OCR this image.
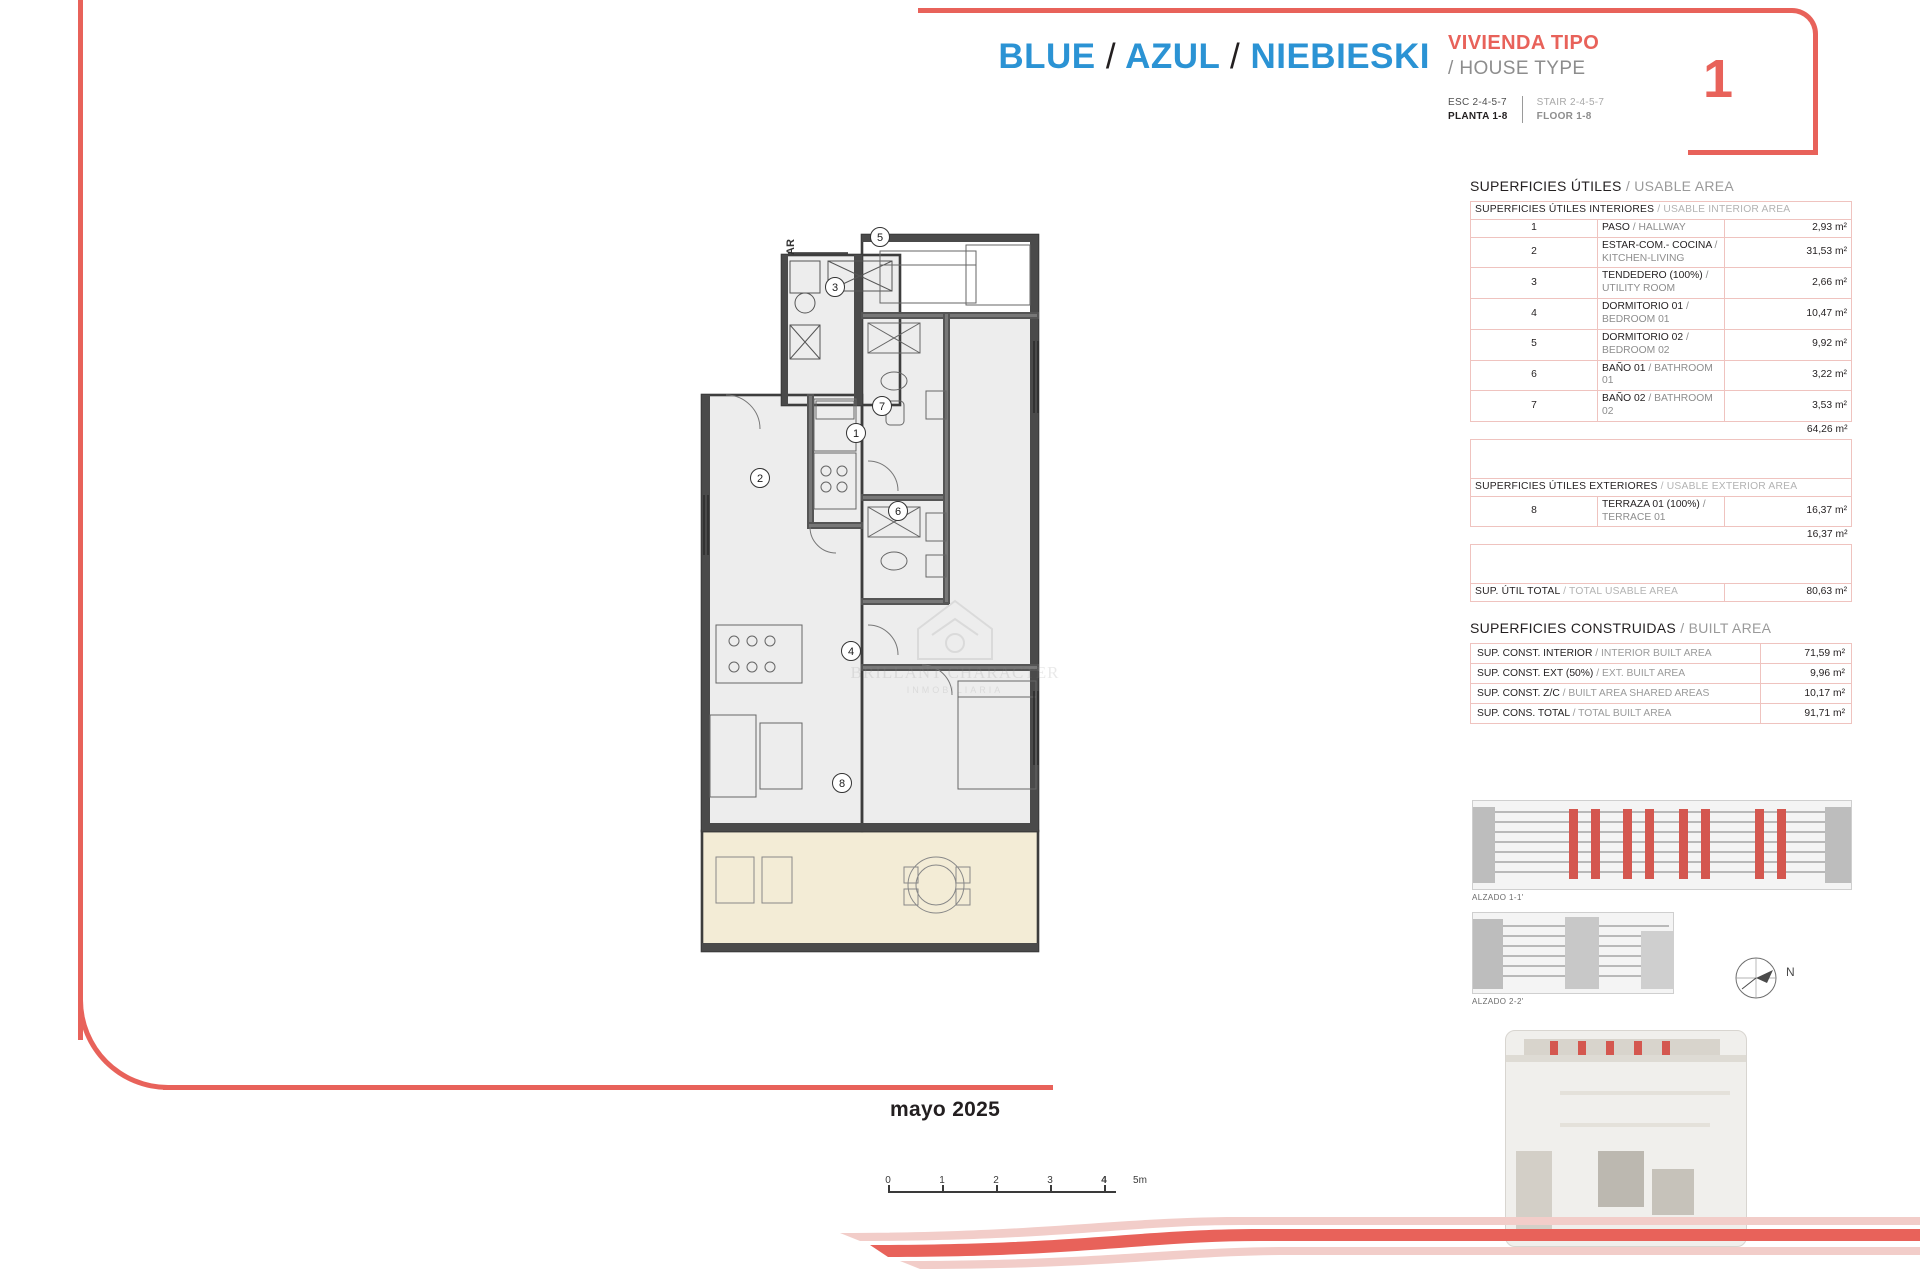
BLUE / AZUL / NIEBIESKI VIVIENDA TIPO
/ HOUSE TYPE
ESC 2-4-5-7
PLANTA 1-8
STAIR 2-4-5-7
FLOOR 1-8
1
SUPERFICIES ÚTILES / USABLE AREA
SUPERFICIES ÚTILES INTERIORES / USABLE INTERIOR AREA		
1	PASO / HALLWAY	2,93 m²
2	ESTAR-COM.- COCINA / KITCHEN-LIVING	31,53 m²
3	TENDEDERO (100%) / UTILITY ROOM	2,66 m²
4	DORMITORIO 01 / BEDROOM 01	10,47 m²
5	DORMITORIO 02 / BEDROOM 02	9,92 m²
6	BAÑO 01 / BATHROOM 01	3,22 m²
7	BAÑO 02 / BATHROOM 02	3,53 m²
		64,26 m²

SUPERFICIES ÚTILES EXTERIORES / USABLE EXTERIOR AREA		
8	TERRAZA 01 (100%) / TERRACE 01	16,37 m²
		16,37 m²

SUP. ÚTIL TOTAL / TOTAL USABLE AREA		80,63 m²
SUPERFICIES CONSTRUIDAS / BUILT AREA
SUP. CONST. INTERIOR / INTERIOR BUILT AREA	71,59 m²
SUP. CONST. EXT (50%) / EXT. BUILT AREA	9,96 m²
SUP. CONST. Z/C / BUILT AREA SHARED AREAS	10,17 m²
SUP. CONS. TOTAL / TOTAL BUILT AREA	91,71 m²
ALZADO 1-1'
ALZADO 2-2'
N
mayo 2025
0	1	2	3	4	5m
AR
1
2
3
4
5
6
7
8
